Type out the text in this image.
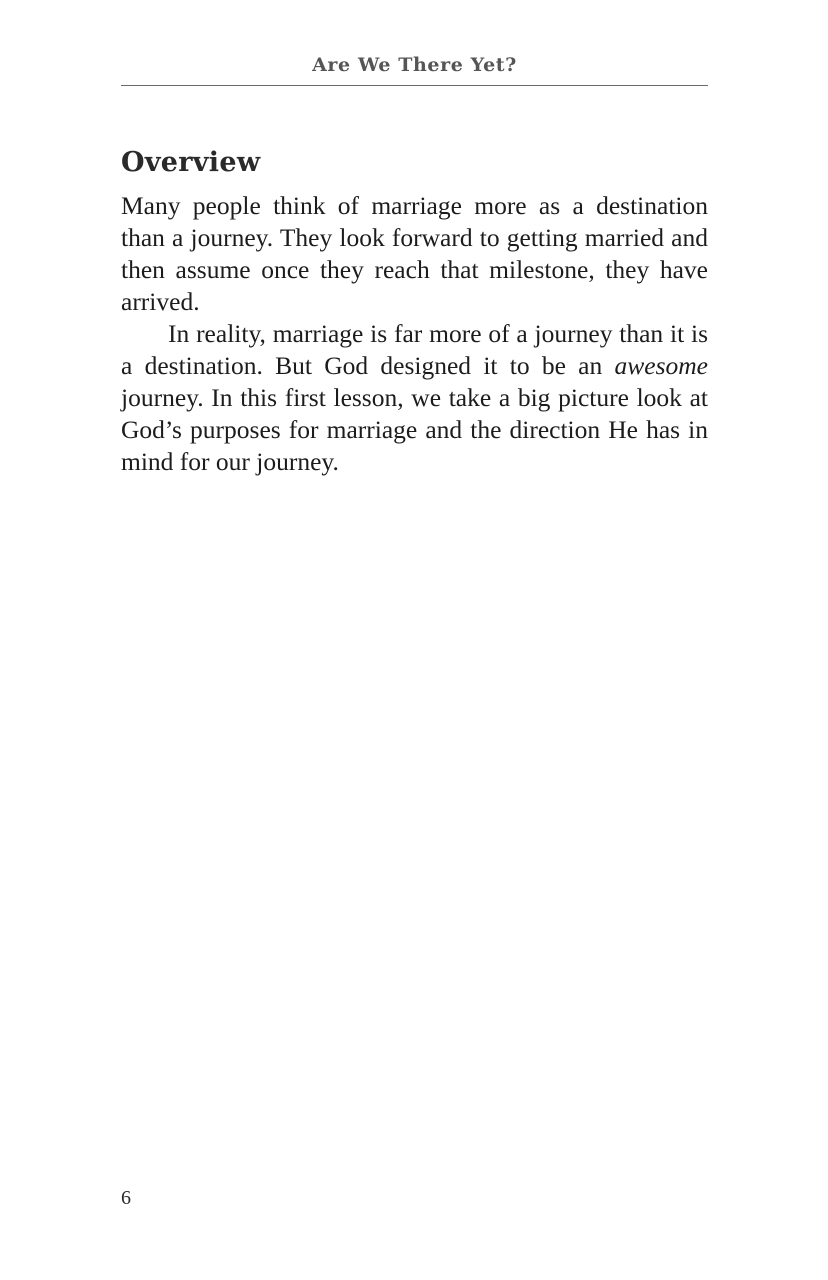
Are We There Yet?
Overview

Many people think of marriage more as a destination than a journey. They look forward to getting married and then assume once they reach that milestone, they have arrived.

In reality, marriage is far more of a journey than it is a destination. But God designed it to be an awesome journey. In this first lesson, we take a big picture look at God’s purposes for marriage and the direction He has in mind for our journey.

6
